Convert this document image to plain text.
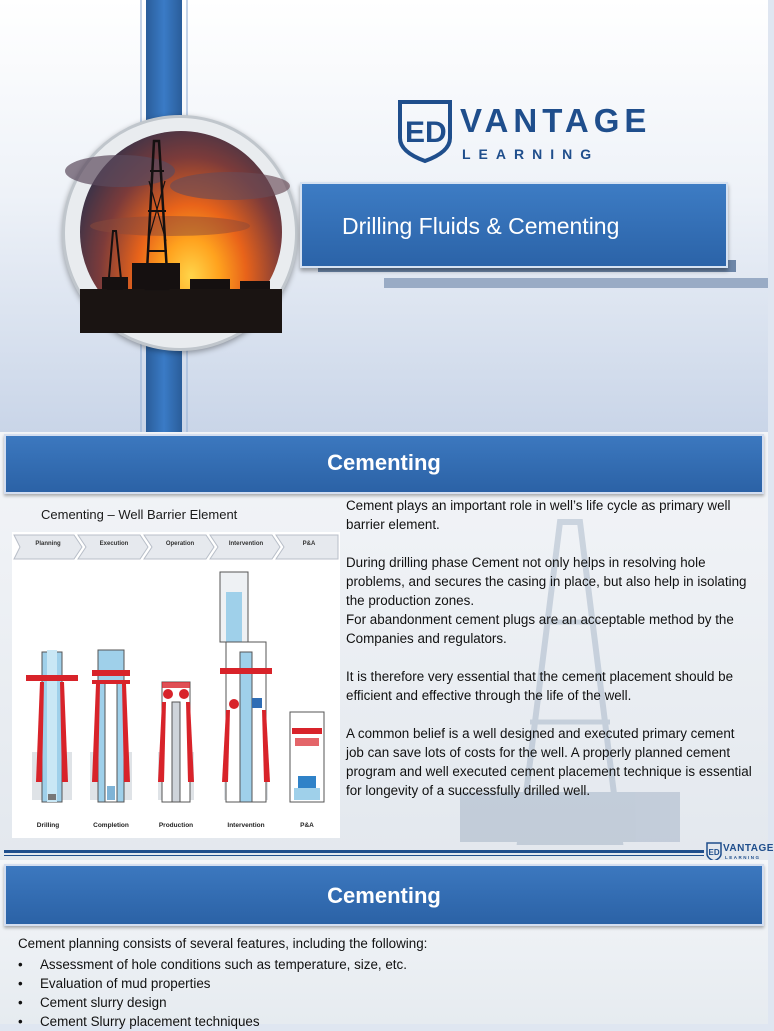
ED VANTAGE
LEARNING
Drilling Fluids & Cementing
Cementing
Cementing – Well Barrier Element
Planning	Execution	Operation	Intervention	P&A
Drilling	Completion	Production	Intervention	P&A

Cement plays an important role in well’s life cycle as primary well barrier element.

During drilling phase Cement not only helps in resolving hole problems, and secures the casing in place, but also help in isolating the production zones.

For abandonment cement plugs are an acceptable method by the Companies and regulators.

It is therefore very essential that the cement placement should be efficient and effective through the life of the well.

A common belief is a well designed and executed primary cement job can save lots of costs for the well. A properly planned cement program and well executed cement placement technique is essential for longevity of a successfully drilled well.

ED VANTAGE
LEARNING
Cementing
Cement planning consists of several features, including the following:
• Assessment of hole conditions such as temperature, size, etc.
• Evaluation of mud properties
• Cement slurry design
• Cement Slurry placement techniques
